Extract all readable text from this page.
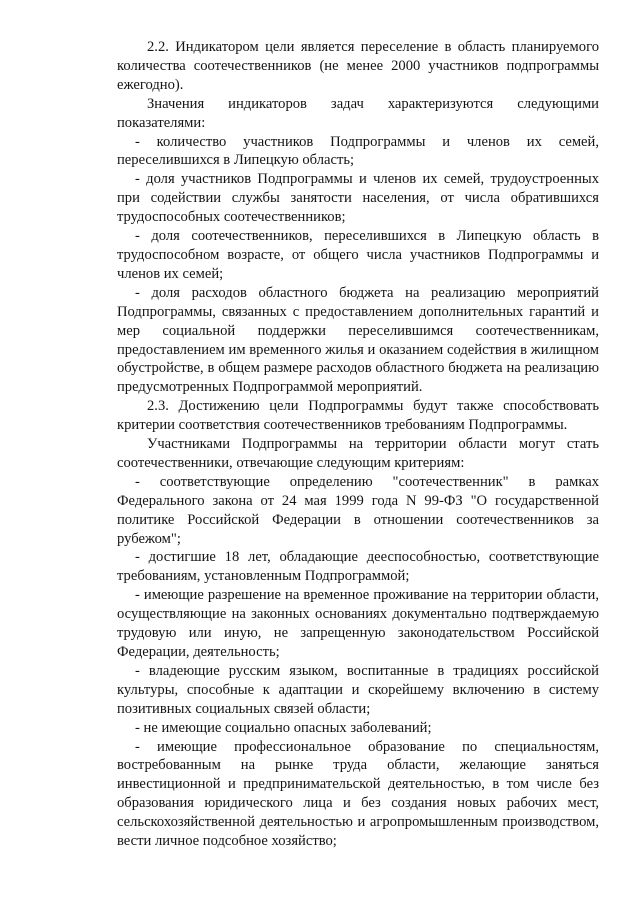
2.2. Индикатором цели является переселение в область планируемого количества соотечественников (не менее 2000 участников подпрограммы ежегодно).

Значения индикаторов задач характеризуются следующими показателями:

- количество участников Подпрограммы и членов их семей, переселившихся в Липецкую область;

- доля участников Подпрограммы и членов их семей, трудоустроенных при содействии службы занятости населения, от числа обратившихся трудоспособных соотечественников;

- доля соотечественников, переселившихся в Липецкую область в трудоспособном возрасте, от общего числа участников Подпрограммы и членов их семей;

- доля расходов областного бюджета на реализацию мероприятий Подпрограммы, связанных с предоставлением дополнительных гарантий и мер социальной поддержки переселившимся соотечественникам, предоставлением им временного жилья и оказанием содействия в жилищном обустройстве, в общем размере расходов областного бюджета на реализацию предусмотренных Подпрограммой мероприятий.

2.3. Достижению цели Подпрограммы будут также способствовать критерии соответствия соотечественников требованиям Подпрограммы.

Участниками Подпрограммы на территории области могут стать соотечественники, отвечающие следующим критериям:

- соответствующие определению "соотечественник" в рамках Федерального закона от 24 мая 1999 года N 99-ФЗ "О государственной политике Российской Федерации в отношении соотечественников за рубежом";

- достигшие 18 лет, обладающие дееспособностью, соответствующие требованиям, установленным Подпрограммой;

- имеющие разрешение на временное проживание на территории области, осуществляющие на законных основаниях документально подтверждаемую трудовую или иную, не запрещенную законодательством Российской Федерации, деятельность;

- владеющие русским языком, воспитанные в традициях российской культуры, способные к адаптации и скорейшему включению в систему позитивных социальных связей области;

- не имеющие социально опасных заболеваний;

- имеющие профессиональное образование по специальностям, востребованным на рынке труда области, желающие заняться инвестиционной и предпринимательской деятельностью, в том числе без образования юридического лица и без создания новых рабочих мест, сельскохозяйственной деятельностью и агропромышленным производством, вести личное подсобное хозяйство;
